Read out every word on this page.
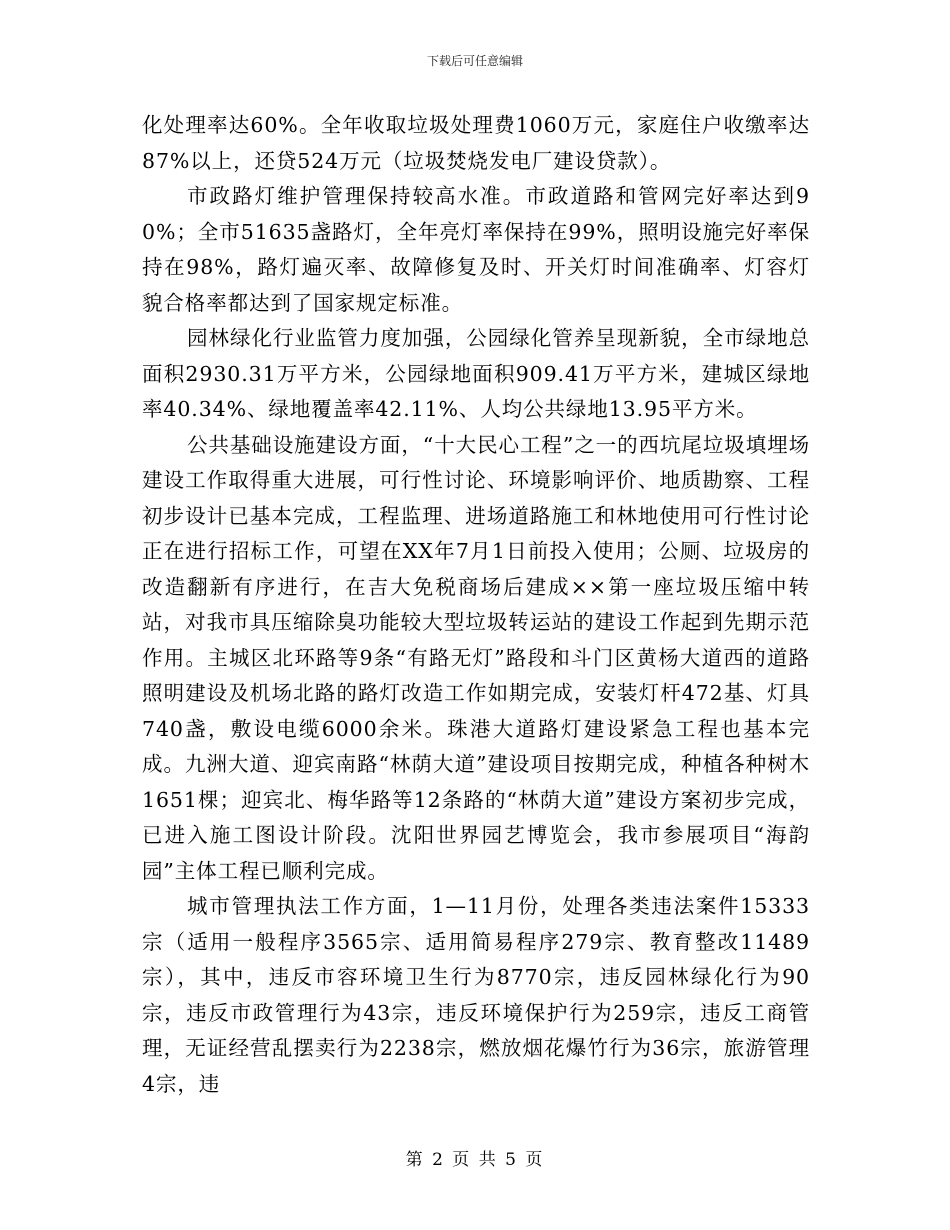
下载后可任意编辑

化处理率达60%。全年收取垃圾处理费1060万元，家庭住户收缴率达87%以上，还贷524万元（垃圾焚烧发电厂建设贷款）。

市政路灯维护管理保持较高水准。市政道路和管网完好率达到90%；全市51635盏路灯，全年亮灯率保持在99%，照明设施完好率保持在98%，路灯遍灭率、故障修复及时、开关灯时间准确率、灯容灯貌合格率都达到了国家规定标准。

园林绿化行业监管力度加强，公园绿化管养呈现新貌，全市绿地总面积2930.31万平方米，公园绿地面积909.41万平方米，建城区绿地率40.34%、绿地覆盖率42.11%、人均公共绿地13.95平方米。

公共基础设施建设方面，“十大民心工程”之一的西坑尾垃圾填埋场建设工作取得重大进展，可行性讨论、环境影响评价、地质勘察、工程初步设计已基本完成，工程监理、进场道路施工和林地使用可行性讨论正在进行招标工作，可望在XX年7月1日前投入使用；公厕、垃圾房的改造翻新有序进行，在吉大免税商场后建成××第一座垃圾压缩中转站，对我市具压缩除臭功能较大型垃圾转运站的建设工作起到先期示范作用。主城区北环路等9条“有路无灯”路段和斗门区黄杨大道西的道路照明建设及机场北路的路灯改造工作如期完成，安装灯杆472基、灯具740盏，敷设电缆6000余米。珠港大道路灯建设紧急工程也基本完成。九洲大道、迎宾南路“林荫大道”建设项目按期完成，种植各种树木1651棵；迎宾北、梅华路等12条路的“林荫大道”建设方案初步完成，已进入施工图设计阶段。沈阳世界园艺博览会，我市参展项目“海韵园”主体工程已顺利完成。

城市管理执法工作方面，1—11月份，处理各类违法案件15333宗（适用一般程序3565宗、适用简易程序279宗、教育整改11489宗），其中，违反市容环境卫生行为8770宗，违反园林绿化行为90宗，违反市政管理行为43宗，违反环境保护行为259宗，违反工商管理，无证经营乱摆卖行为2238宗，燃放烟花爆竹行为36宗，旅游管理4宗，违

第 2 页 共 5 页
